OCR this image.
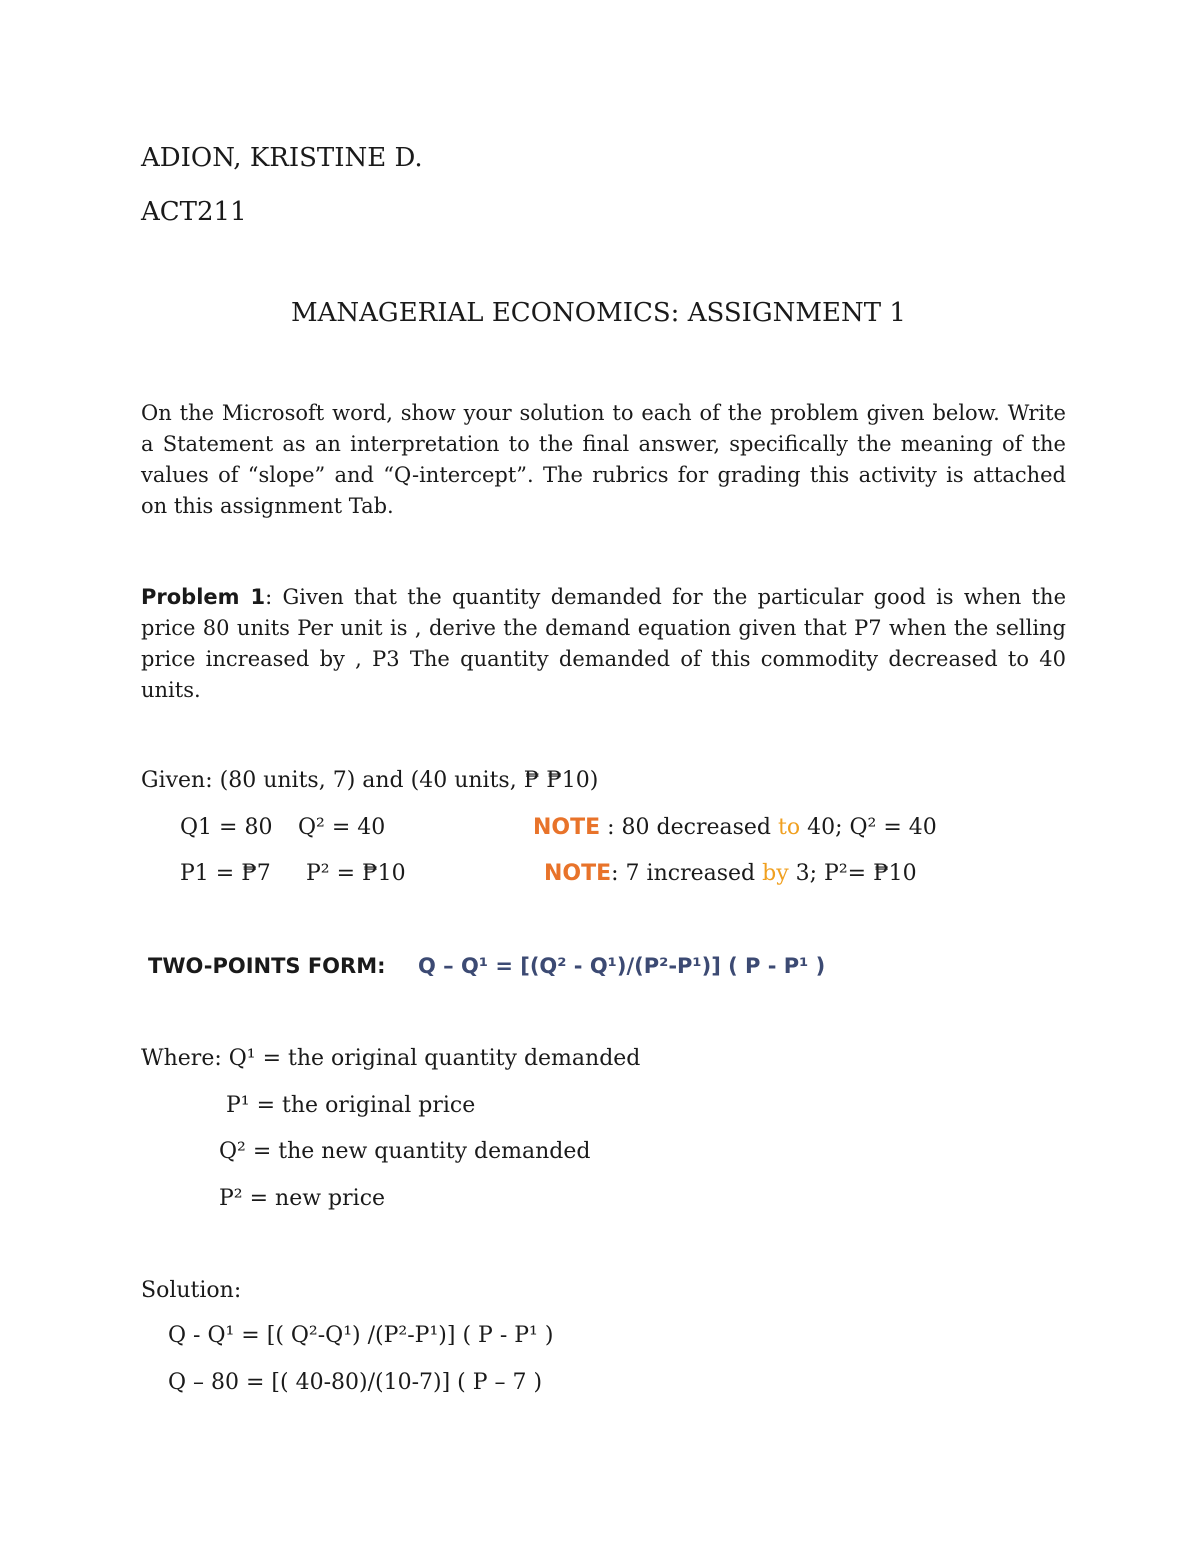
ADION, KRISTINE D.
ACT211
MANAGERIAL ECONOMICS: ASSIGNMENT 1
On the Microsoft word, show your solution to each of the problem given below. Write a Statement as an interpretation to the final answer, specifically the meaning of the values of “slope” and “Q-intercept”. The rubrics for grading this activity is attached on this assignment Tab.
Problem 1: Given that the quantity demanded for the particular good is when the price 80 units Per unit is , derive the demand equation given that P7 when the selling price increased by , P3 The quantity demanded of this commodity decreased to 40 units.
Given: (80 units, 7) and (40 units, ₱ ₱10)
Q1 = 80 Q² = 40	NOTE : 80 decreased to 40; Q² = 40
P1 = ₱7 P² = ₱10	NOTE: 7 increased by 3; P²= ₱10
TWO-POINTS FORM: Q – Q¹ = [(Q² - Q¹)/(P²-P¹)] ( P - P¹ )
Where: Q¹ = the original quantity demanded
P¹ = the original price
Q² = the new quantity demanded
P² = new price
Solution:
Q - Q¹ = [( Q²-Q¹) /(P²-P¹)] ( P - P¹ )
Q – 80 = [( 40-80)/(10-7)] ( P – 7 )
